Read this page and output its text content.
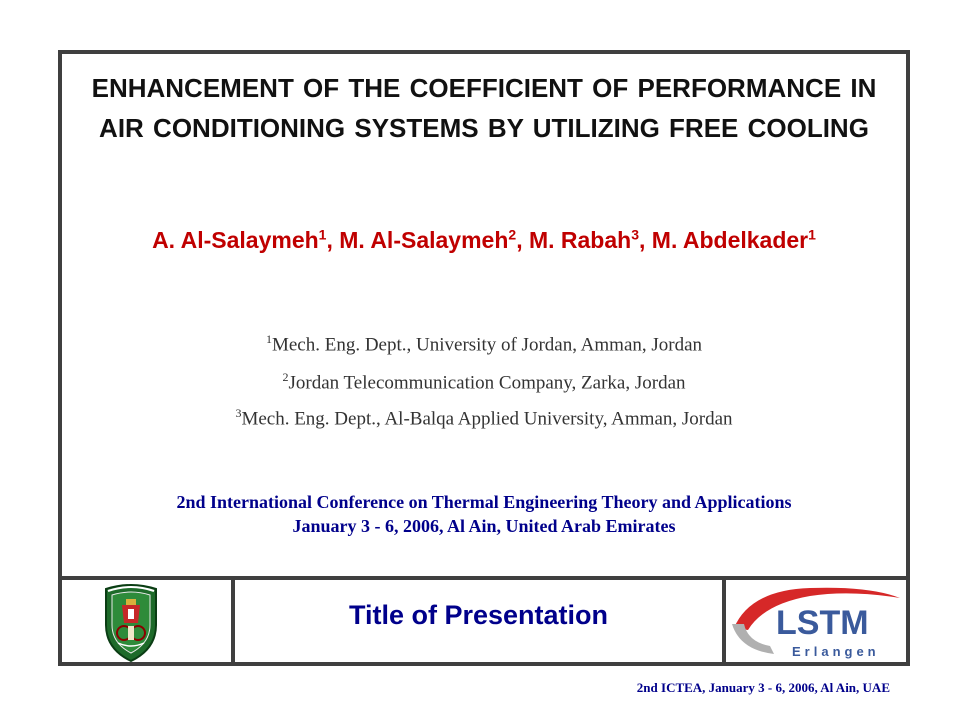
ENHANCEMENT OF THE COEFFICIENT OF PERFORMANCE IN AIR CONDITIONING SYSTEMS BY UTILIZING FREE COOLING
A. Al-Salaymeh$^1$, M. Al-Salaymeh$^2$, M. Rabah$^3$, M. Abdelkader$^1$
$^1$Mech. Eng. Dept., University of Jordan, Amman, Jordan
$^2$Jordan Telecommunication Company, Zarka, Jordan
$^3$Mech. Eng. Dept., Al-Balqa Applied University, Amman, Jordan
2nd International Conference on Thermal Engineering Theory and Applications
January 3 - 6, 2006, Al Ain, United Arab Emirates
Title of Presentation	LSTM
Erlangen
2nd ICTEA, January 3 - 6, 2006, Al Ain, UAE
